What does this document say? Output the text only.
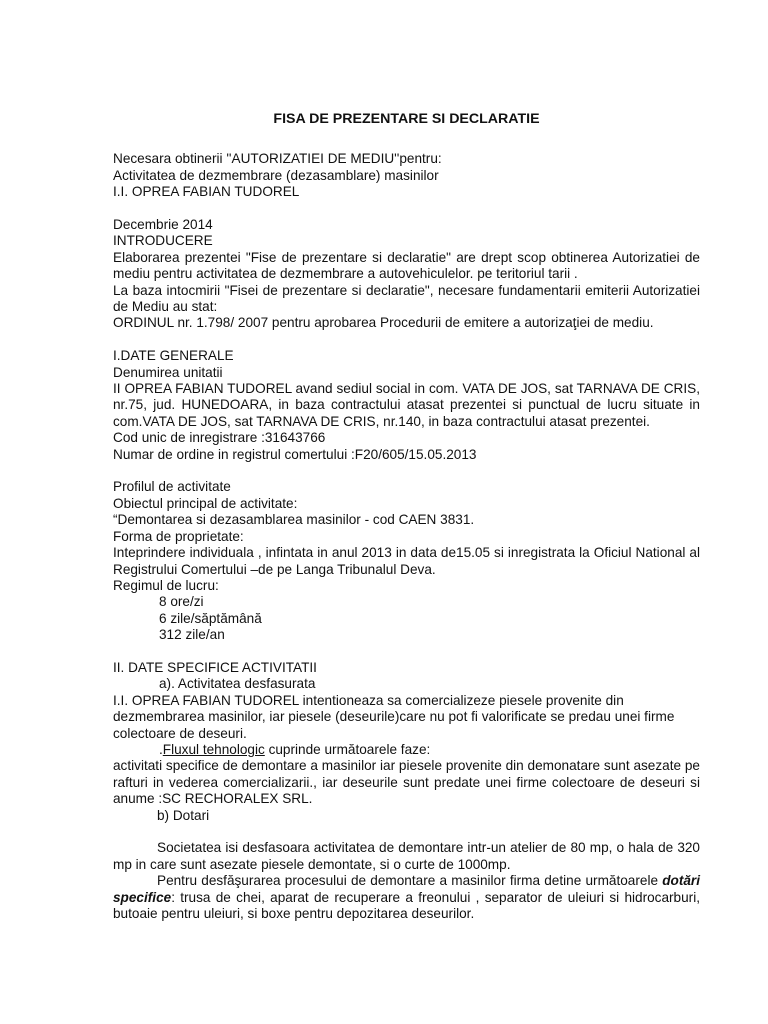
FISA DE PREZENTARE SI DECLARATIE

Necesara obtinerii ''AUTORIZATIEI DE MEDIU''pentru:

Activitatea de dezmembrare (dezasamblare) masinilor

I.I. OPREA FABIAN TUDOREL

Decembrie 2014

INTRODUCERE

Elaborarea prezentei "Fise de prezentare si declaratie" are drept scop obtinerea Autorizatiei de mediu pentru activitatea de dezmembrare a autovehiculelor. pe teritoriul tarii .

La baza intocmirii "Fisei de prezentare si declaratie", necesare fundamentarii emiterii Autorizatiei de Mediu au stat:

ORDINUL nr. 1.798/ 2007 pentru aprobarea Procedurii de emitere a autorizaţiei de mediu.

I.DATE GENERALE

Denumirea unitatii

II OPREA FABIAN TUDOREL avand sediul social in com. VATA DE JOS, sat TARNAVA DE CRIS, nr.75, jud. HUNEDOARA, in baza contractului atasat prezentei si punctual de lucru situate in com.VATA DE JOS, sat TARNAVA DE CRIS, nr.140, in baza contractului atasat prezentei.

Cod unic de inregistrare :31643766

Numar de ordine in registrul comertului :F20/605/15.05.2013

Profilul de activitate

Obiectul principal de activitate:

“Demontarea si dezasamblarea masinilor - cod CAEN 3831.

Forma de proprietate:

Inteprindere individuala , infintata in anul 2013 in data de15.05 si inregistrata la Oficiul National al Registrului Comertului –de pe Langa Tribunalul Deva.

Regimul de lucru:

8 ore/zi

6 zile/săptămână

312 zile/an

II. DATE SPECIFICE ACTIVITATII

a). Activitatea desfasurata

I.I. OPREA FABIAN TUDOREL intentioneaza sa comercializeze piesele provenite din dezmembrarea masinilor, iar piesele (deseurile)care nu pot fi valorificate se predau unei firme colectoare de deseuri.

.Fluxul tehnologic cuprinde următoarele faze:

activitati specifice de demontare a masinilor iar piesele provenite din demonatare sunt asezate pe rafturi in vederea comercializarii., iar deseurile sunt predate unei firme colectoare de deseuri si anume :SC RECHORALEX SRL.

b) Dotari

Societatea isi desfasoara activitatea de demontare intr-un atelier de 80 mp, o hala de 320 mp in care sunt asezate piesele demontate, si o curte de 1000mp.

Pentru desfăşurarea procesului de demontare a masinilor firma detine următoarele dotări specifice: trusa de chei, aparat de recuperare a freonului , separator de uleiuri si hidrocarburi, butoaie pentru uleiuri, si boxe pentru depozitarea deseurilor.
